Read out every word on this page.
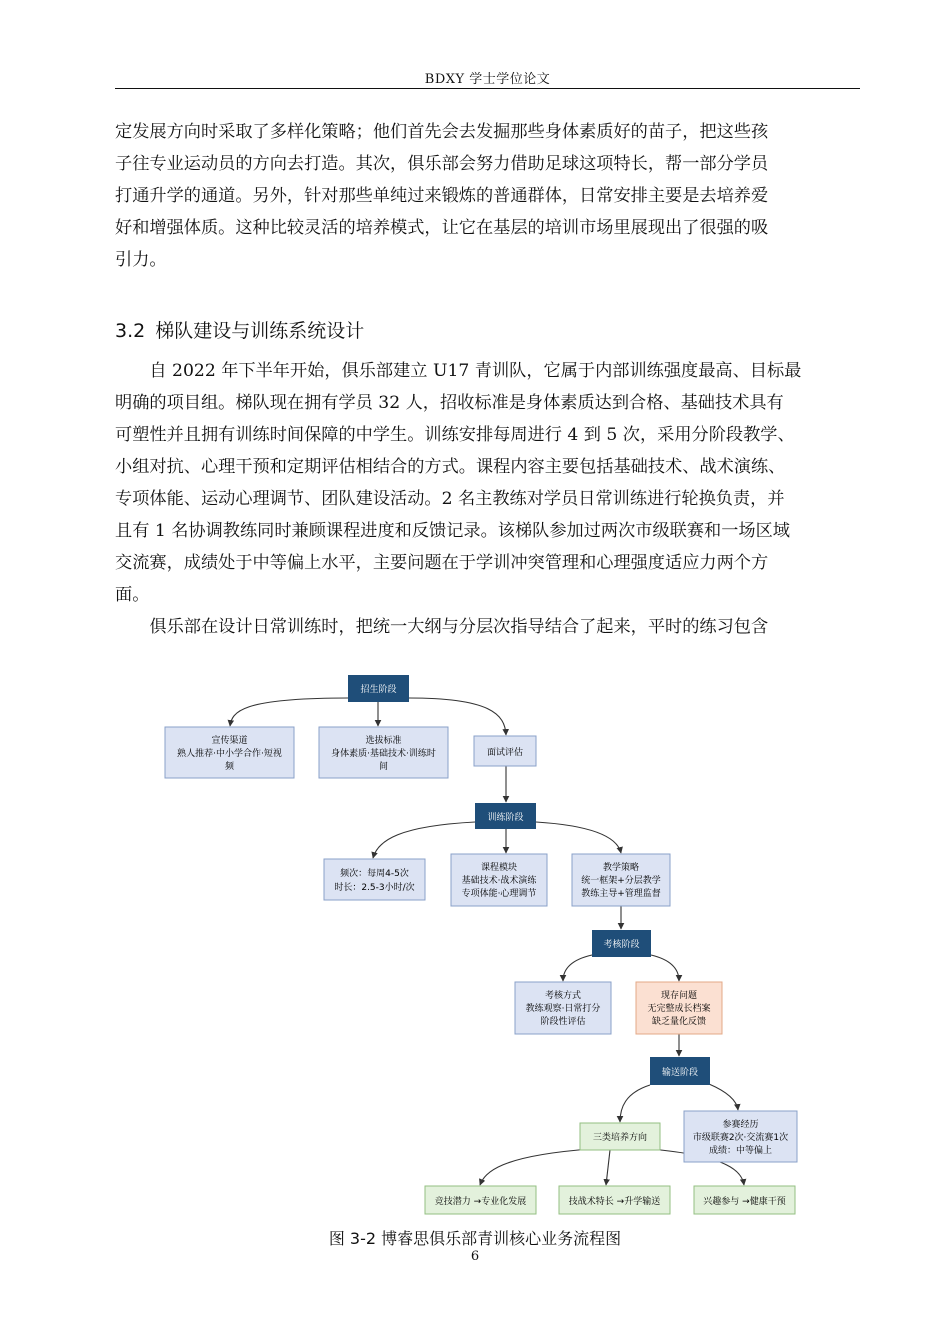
BDXY 学士学位论文

定发展方向时采取了多样化策略；他们首先会去发掘那些身体素质好的苗子，把这些孩

子往专业运动员的方向去打造。其次，俱乐部会努力借助足球这项特长，帮一部分学员

打通升学的通道。另外，针对那些单纯过来锻炼的普通群体，日常安排主要是去培养爱

好和增强体质。这种比较灵活的培养模式，让它在基层的培训市场里展现出了很强的吸

引力。

3.2 梯队建设与训练系统设计

自 2022 年下半年开始，俱乐部建立 U17 青训队，它属于内部训练强度最高、目标最

明确的项目组。梯队现在拥有学员 32 人，招收标准是身体素质达到合格、基础技术具有

可塑性并且拥有训练时间保障的中学生。训练安排每周进行 4 到 5 次，采用分阶段教学、

小组对抗、心理干预和定期评估相结合的方式。课程内容主要包括基础技术、战术演练、

专项体能、运动心理调节、团队建设活动。2 名主教练对学员日常训练进行轮换负责，并

且有 1 名协调教练同时兼顾课程进度和反馈记录。该梯队参加过两次市级联赛和一场区域

交流赛，成绩处于中等偏上水平，主要问题在于学训冲突管理和心理强度适应力两个方

面。

俱乐部在设计日常训练时，把统一大纲与分层次指导结合了起来，平时的练习包含

招生阶段
宣传渠道
熟人推荐·中小学合作·短视
频
选拔标准
身体素质·基础技术·训练时
间
面试评估
训练阶段
频次：每周4-5次
时长：2.5-3小时/次
课程模块
基础技术·战术演练
专项体能·心理调节
教学策略
统一框架+分层教学
教练主导+管理监督
考核阶段
考核方式
教练观察·日常打分
阶段性评估
现存问题
无完整成长档案
缺乏量化反馈
输送阶段
三类培养方向
参赛经历
市级联赛2次·交流赛1次
成绩：中等偏上
竞技潜力 →专业化发展	技战术特长 →升学输送	兴趣参与 →健康干预
图 3-2 博睿思俱乐部青训核心业务流程图
6
